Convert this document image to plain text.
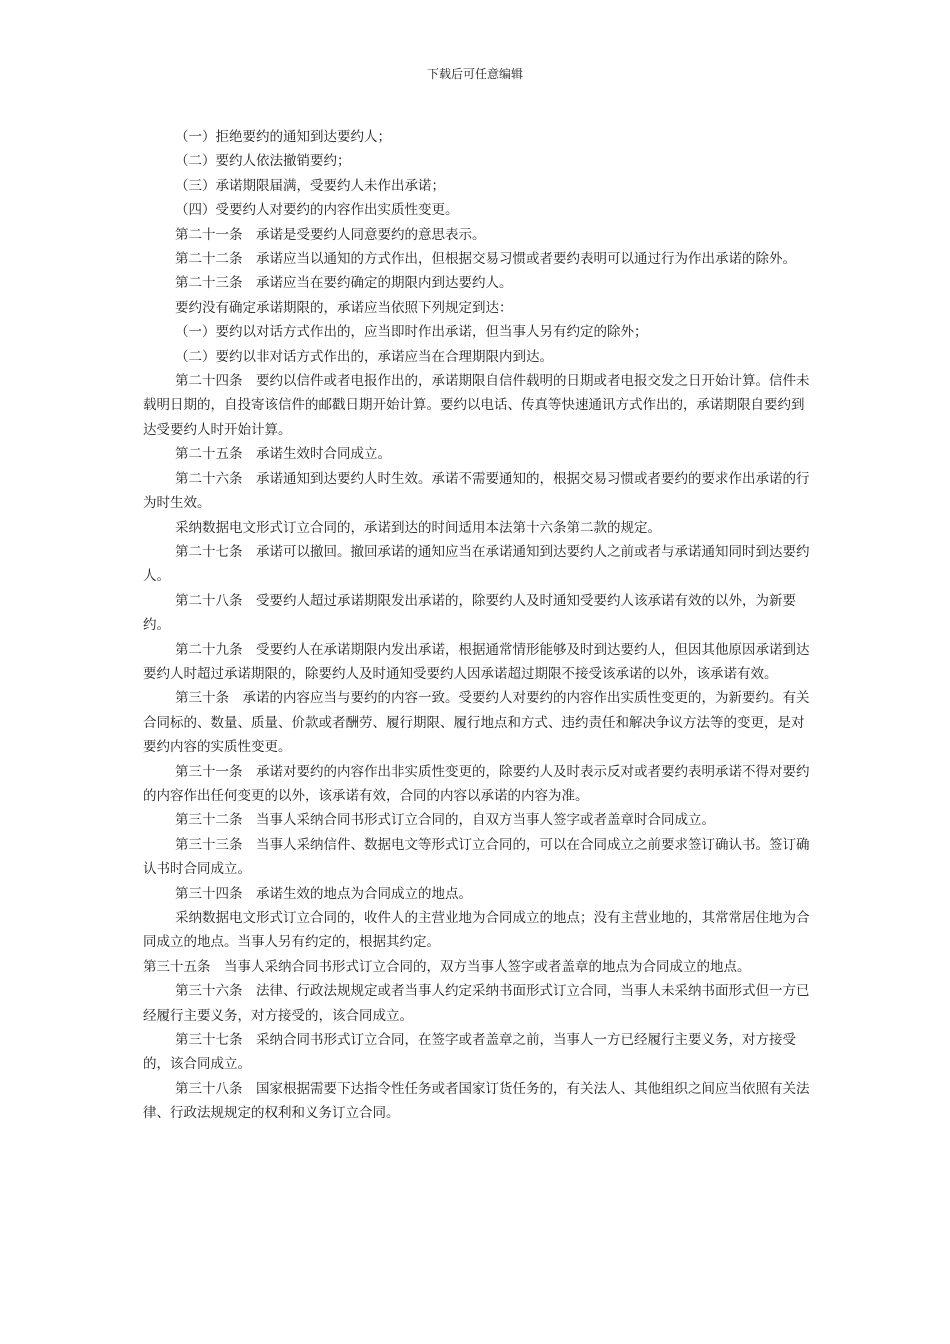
下载后可任意编辑

（一）拒绝要约的通知到达要约人；

（二）要约人依法撤销要约；

（三）承诺期限届满，受要约人未作出承诺；

（四）受要约人对要约的内容作出实质性变更。

第二十一条　承诺是受要约人同意要约的意思表示。

第二十二条　承诺应当以通知的方式作出，但根据交易习惯或者要约表明可以通过行为作出承诺的除外。

第二十三条　承诺应当在要约确定的期限内到达要约人。

要约没有确定承诺期限的，承诺应当依照下列规定到达：

（一）要约以对话方式作出的，应当即时作出承诺，但当事人另有约定的除外；

（二）要约以非对话方式作出的，承诺应当在合理期限内到达。

第二十四条　要约以信件或者电报作出的，承诺期限自信件载明的日期或者电报交发之日开始计算。信件未载明日期的，自投寄该信件的邮戳日期开始计算。要约以电话、传真等快速通讯方式作出的，承诺期限自要约到达受要约人时开始计算。

第二十五条　承诺生效时合同成立。

第二十六条　承诺通知到达要约人时生效。承诺不需要通知的，根据交易习惯或者要约的要求作出承诺的行为时生效。

采纳数据电文形式订立合同的，承诺到达的时间适用本法第十六条第二款的规定。

第二十七条　承诺可以撤回。撤回承诺的通知应当在承诺通知到达要约人之前或者与承诺通知同时到达要约人。

第二十八条　受要约人超过承诺期限发出承诺的，除要约人及时通知受要约人该承诺有效的以外，为新要约。

第二十九条　受要约人在承诺期限内发出承诺，根据通常情形能够及时到达要约人，但因其他原因承诺到达要约人时超过承诺期限的，除要约人及时通知受要约人因承诺超过期限不接受该承诺的以外，该承诺有效。

第三十条　承诺的内容应当与要约的内容一致。受要约人对要约的内容作出实质性变更的，为新要约。有关合同标的、数量、质量、价款或者酬劳、履行期限、履行地点和方式、违约责任和解决争议方法等的变更，是对要约内容的实质性变更。

第三十一条　承诺对要约的内容作出非实质性变更的，除要约人及时表示反对或者要约表明承诺不得对要约的内容作出任何变更的以外，该承诺有效，合同的内容以承诺的内容为准。

第三十二条　当事人采纳合同书形式订立合同的，自双方当事人签字或者盖章时合同成立。

第三十三条　当事人采纳信件、数据电文等形式订立合同的，可以在合同成立之前要求签订确认书。签订确认书时合同成立。

第三十四条　承诺生效的地点为合同成立的地点。

采纳数据电文形式订立合同的，收件人的主营业地为合同成立的地点；没有主营业地的，其常常居住地为合同成立的地点。当事人另有约定的，根据其约定。

第三十五条　当事人采纳合同书形式订立合同的，双方当事人签字或者盖章的地点为合同成立的地点。

第三十六条　法律、行政法规规定或者当事人约定采纳书面形式订立合同，当事人未采纳书面形式但一方已经履行主要义务，对方接受的，该合同成立。

第三十七条　采纳合同书形式订立合同，在签字或者盖章之前，当事人一方已经履行主要义务，对方接受的，该合同成立。

第三十八条　国家根据需要下达指令性任务或者国家订货任务的，有关法人、其他组织之间应当依照有关法律、行政法规规定的权利和义务订立合同。
